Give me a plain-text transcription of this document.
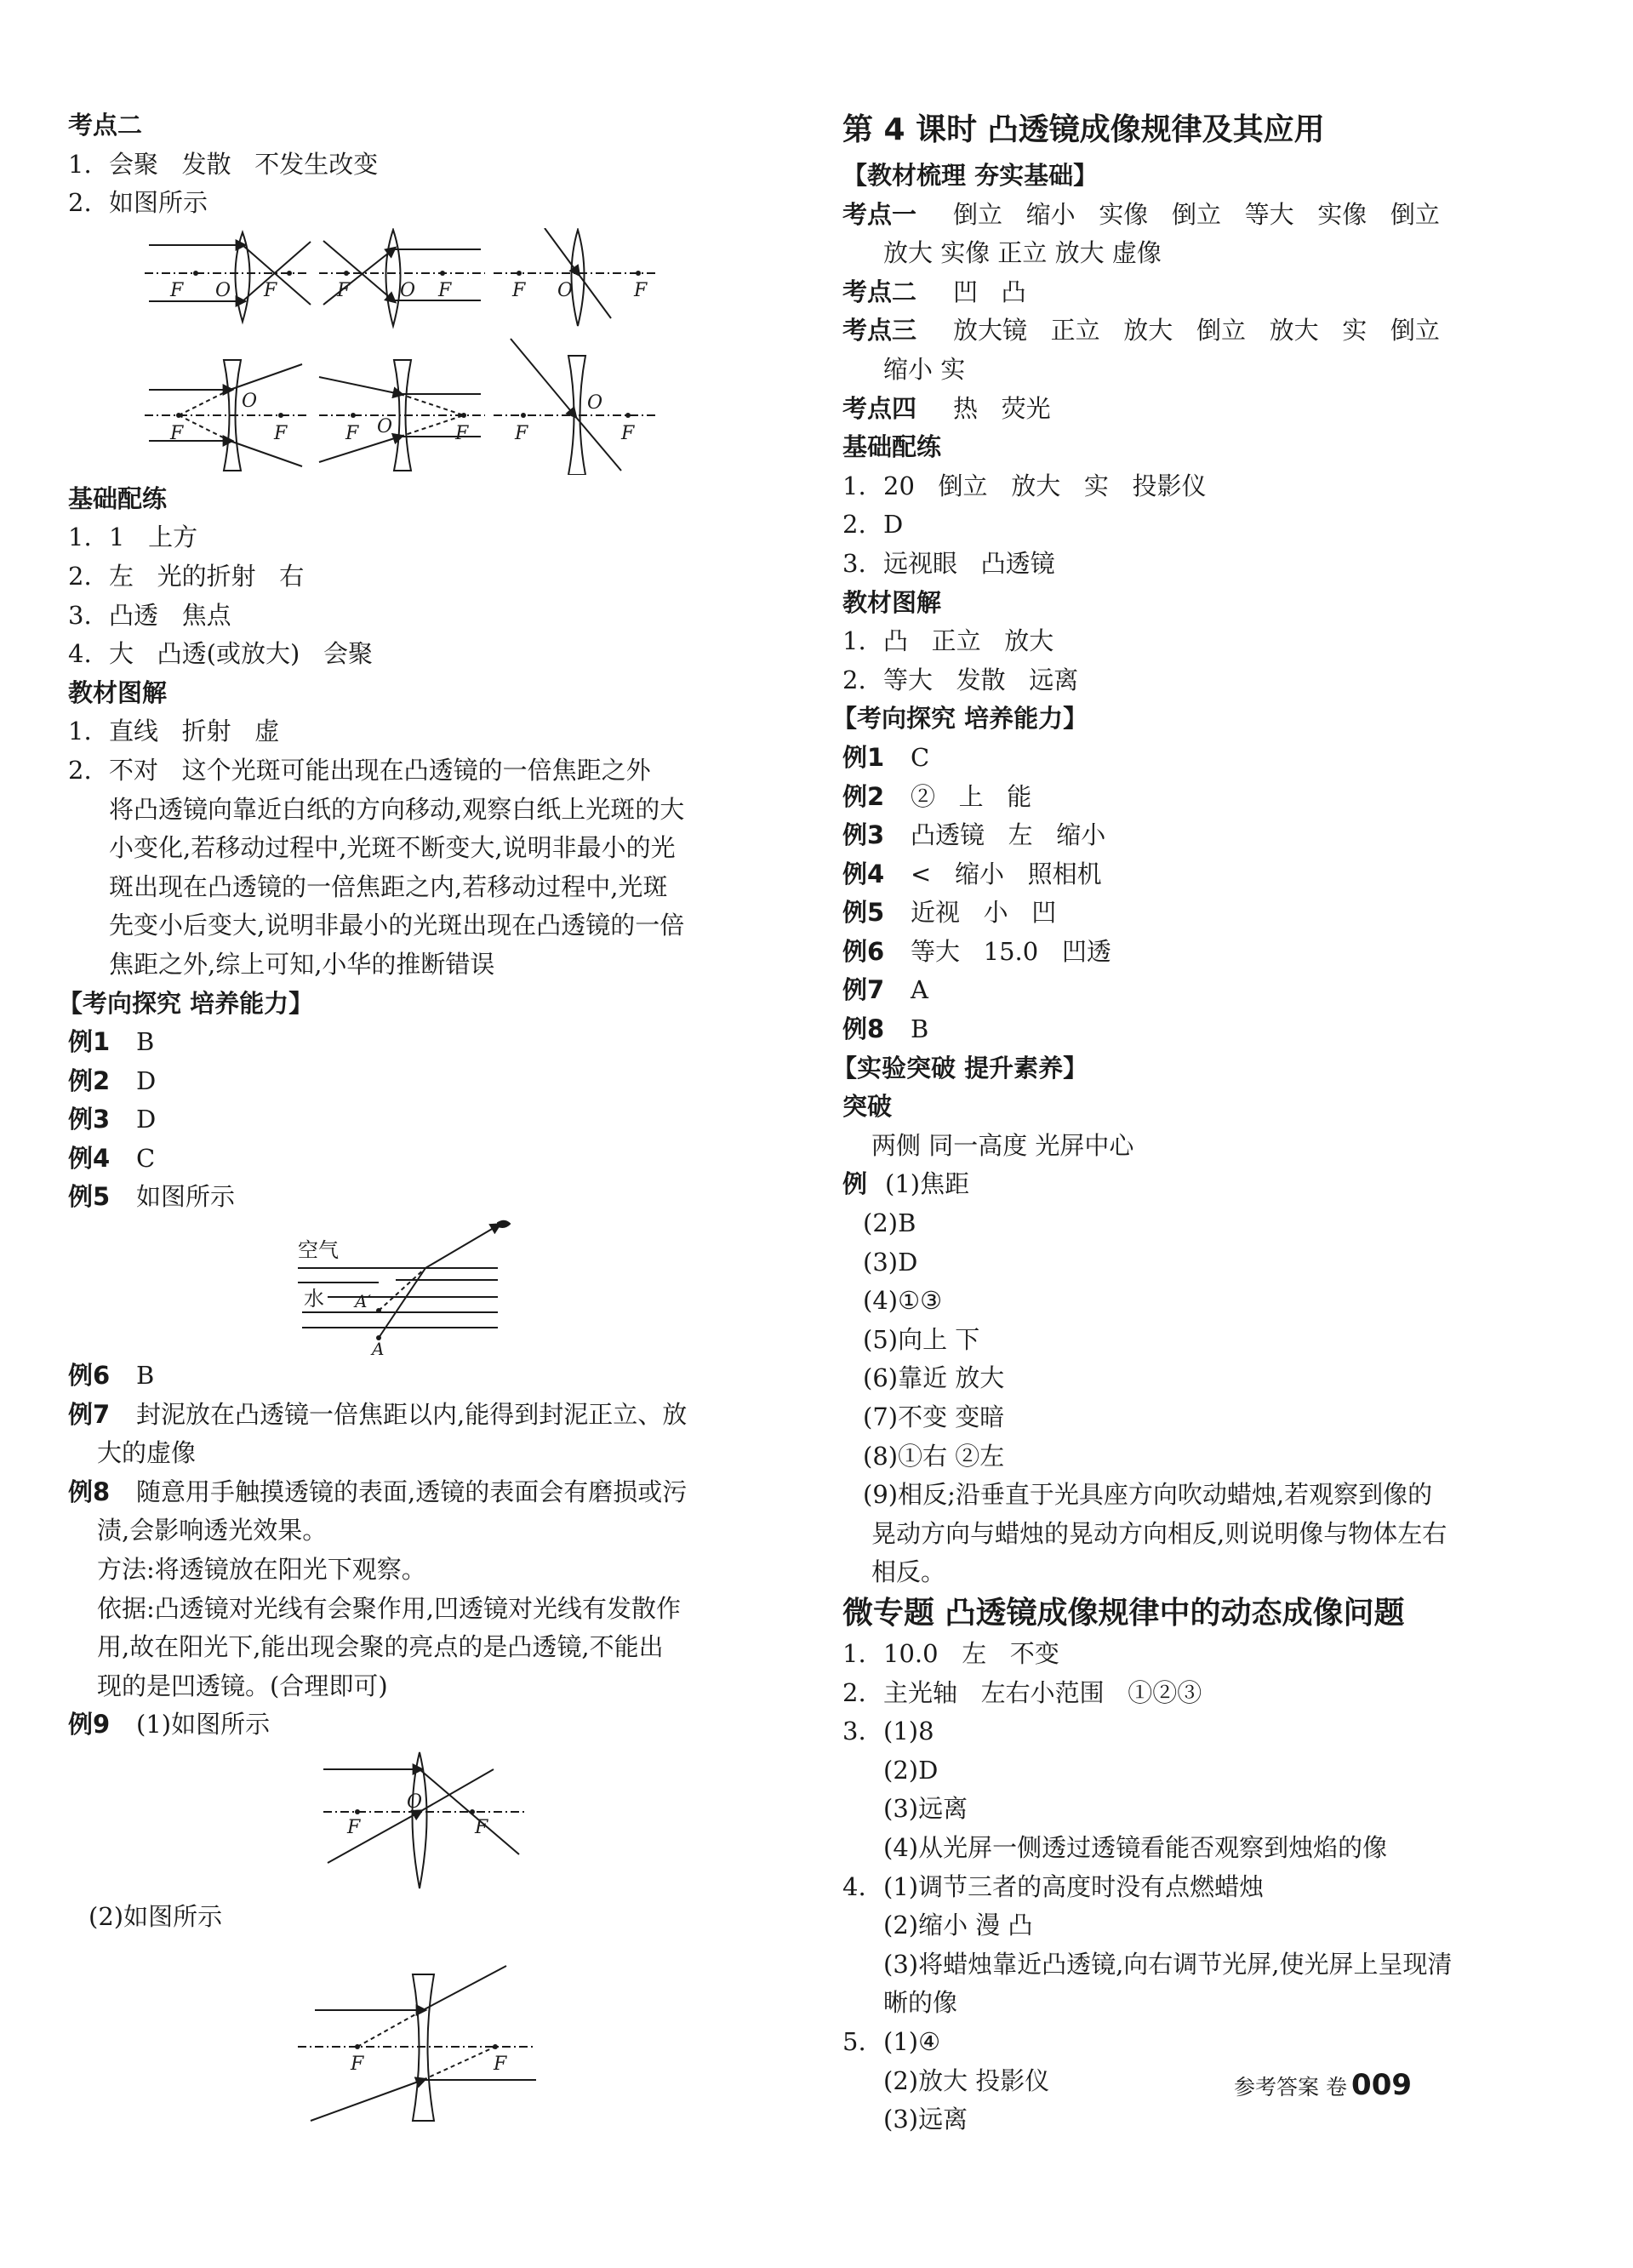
考点二
1. 会聚   发散   不发生改变
2. 如图所示
F O F	F	O F	F O	F
F
O
F	F O	F F
O
F
基础配练
1. 1   上方
2. 左   光的折射   右
3. 凸透   焦点
4. 大   凸透(或放大)   会聚
教材图解
1. 直线   折射   虚
2. 不对   这个光斑可能出现在凸透镜的一倍焦距之外
将凸透镜向靠近白纸的方向移动,观察白纸上光斑的大
小变化,若移动过程中,光斑不断变大,说明非最小的光
斑出现在凸透镜的一倍焦距之内,若移动过程中,光斑
先变小后变大,说明非最小的光斑出现在凸透镜的一倍
焦距之外,综上可知,小华的推断错误
【考向探究 培养能力】
例1 B
例2 D
例3 D
例4 C
例5 如图所示
空气
水 A′
A
例6 B
例7 封泥放在凸透镜一倍焦距以内,能得到封泥正立、放
大的虚像
例8 随意用手触摸透镜的表面,透镜的表面会有磨损或污
渍,会影响透光效果。
方法:将透镜放在阳光下观察。
依据:凸透镜对光线有会聚作用,凹透镜对光线有发散作
用,故在阳光下,能出现会聚的亮点的是凸透镜,不能出
现的是凹透镜。(合理即可)
例9 (1)如图所示
F
O
F
(2)如图所示
F	F
第 4 课时 凸透镜成像规律及其应用
【教材梳理 夯实基础】
考点一 倒立   缩小   实像   倒立   等大   实像   倒立
放大 实像 正立 放大 虚像
考点二 凹   凸
考点三 放大镜   正立   放大   倒立   放大   实   倒立
缩小 实
考点四 热   荧光
基础配练
1. 20   倒立   放大   实   投影仪
2. D
3. 远视眼   凸透镜
教材图解
1. 凸   正立   放大
2. 等大   发散   远离
【考向探究 培养能力】
例1 C
例2 ②   上   能
例3 凸透镜   左   缩小
例4 <   缩小   照相机
例5 近视   小   凹
例6 等大   15.0   凹透
例7 A
例8 B
【实验突破 提升素养】
突破
两侧 同一高度 光屏中心
例 (1)焦距
(2)B
(3)D
(4)①③
(5)向上 下
(6)靠近 放大
(7)不变 变暗
(8)①右 ②左
(9)相反;沿垂直于光具座方向吹动蜡烛,若观察到像的
晃动方向与蜡烛的晃动方向相反,则说明像与物体左右
相反。
微专题 凸透镜成像规律中的动态成像问题
1. 10.0   左   不变
2. 主光轴   左右小范围   ①②③
3. (1)8
(2)D
(3)远离
(4)从光屏一侧透过透镜看能否观察到烛焰的像
4. (1)调节三者的高度时没有点燃蜡烛
(2)缩小 漫 凸
(3)将蜡烛靠近凸透镜,向右调节光屏,使光屏上呈现清
晰的像
5. (1)④
(2)放大 投影仪
(3)远离
参考答案 卷 009
